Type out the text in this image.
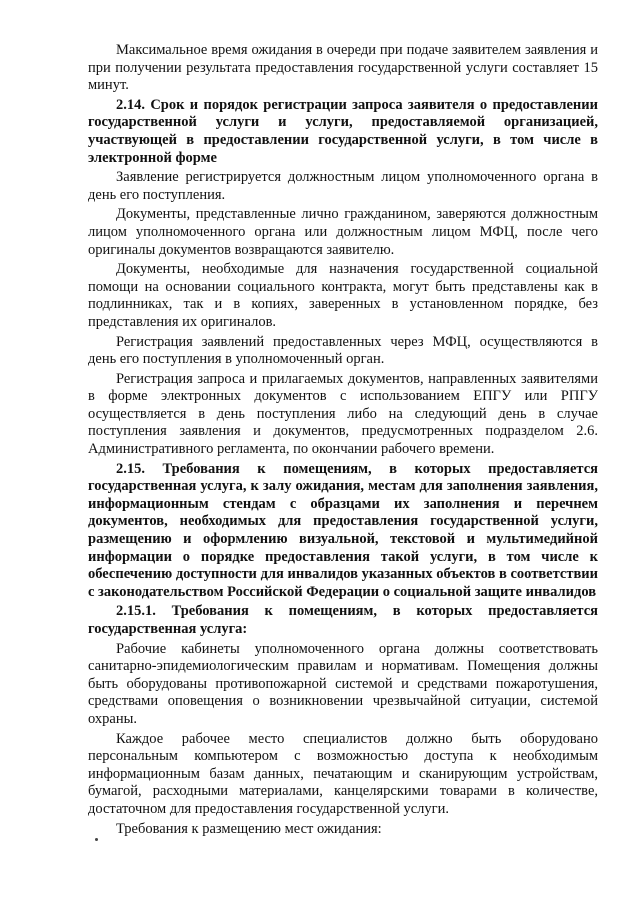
Максимальное время ожидания в очереди при подаче заявителем заявления и при получении результата предоставления государственной услуги составляет 15 минут.

2.14. Срок и порядок регистрации запроса заявителя о предоставлении государственной услуги и услуги, предоставляемой организацией, участвующей в предоставлении государственной услуги, в том числе в электронной форме

Заявление регистрируется должностным лицом уполномоченного органа в день его поступления.

Документы, представленные лично гражданином, заверяются должностным лицом уполномоченного органа или должностным лицом МФЦ, после чего оригиналы документов возвращаются заявителю.

Документы, необходимые для назначения государственной социальной помощи на основании социального контракта, могут быть представлены как в подлинниках, так и в копиях, заверенных в установленном порядке, без представления их оригиналов.

Регистрация заявлений предоставленных через МФЦ, осуществляются в день его поступления в уполномоченный орган.

Регистрация запроса и прилагаемых документов, направленных заявителями в форме электронных документов с использованием ЕПГУ или РПГУ осуществляется в день поступления либо на следующий день в случае поступления заявления и документов, предусмотренных подразделом 2.6. Административного регламента, по окончании рабочего времени.

2.15. Требования к помещениям, в которых предоставляется государственная услуга, к залу ожидания, местам для заполнения заявления, информационным стендам с образцами их заполнения и перечнем документов, необходимых для предоставления государственной услуги, размещению и оформлению визуальной, текстовой и мультимедийной информации о порядке предоставления такой услуги, в том числе к обеспечению доступности для инвалидов указанных объектов в соответствии с законодательством Российской Федерации о социальной защите инвалидов

2.15.1. Требования к помещениям, в которых предоставляется государственная услуга:

Рабочие кабинеты уполномоченного органа должны соответствовать санитарно-эпидемиологическим правилам и нормативам. Помещения должны быть оборудованы противопожарной системой и средствами пожаротушения, средствами оповещения о возникновении чрезвычайной ситуации, системой охраны.

Каждое рабочее место специалистов должно быть оборудовано персональным компьютером с возможностью доступа к необходимым информационным базам данных, печатающим и сканирующим устройствам, бумагой, расходными материалами, канцелярскими товарами в количестве, достаточном для предоставления государственной услуги.

Требования к размещению мест ожидания:
